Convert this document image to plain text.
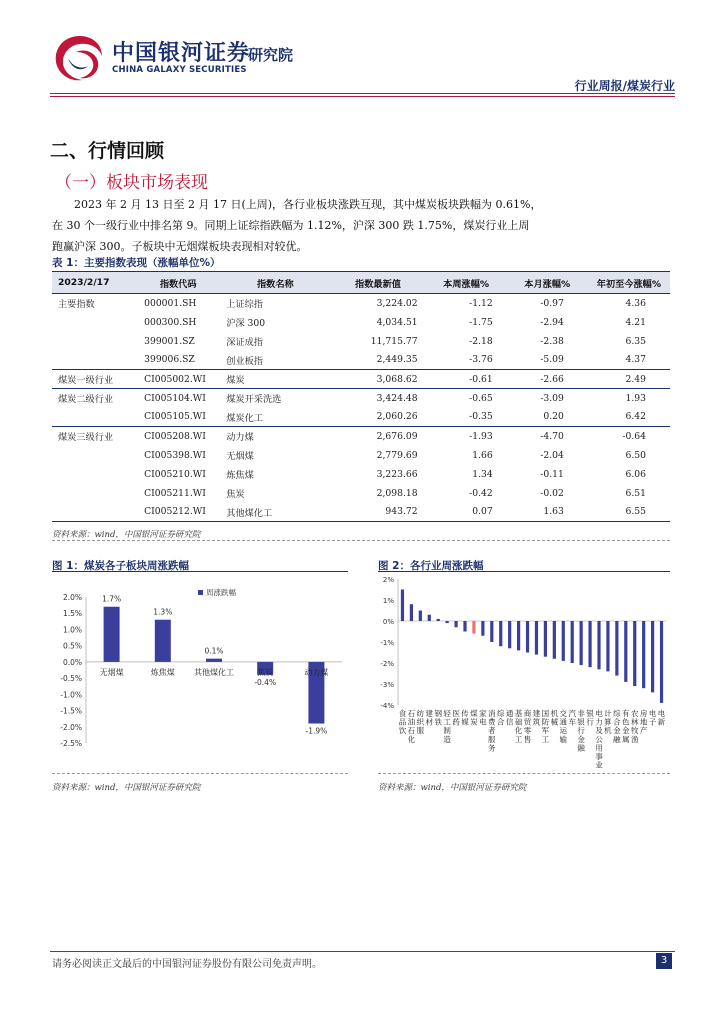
中国银河证券
研究院
CHINA GALAXY SECURITIES
行业周报/煤炭行业
二、行情回顾
（一）板块市场表现
2023 年 2 月 13 日至 2 月 17 日(上周)，各行业板块涨跌互现，其中煤炭板块跌幅为 0.61%，
在 30 个一级行业中排名第 9。同期上证综指跌幅为 1.12%，沪深 300 跌 1.75%，煤炭行业上周
跑赢沪深 300。子板块中无烟煤板块表现相对较优。
表 1：主要指数表现（涨幅单位%）
2023/2/17	指数代码	指数名称	指数最新值	本周涨幅%	本月涨幅%	年初至今涨幅%
主要指数	000001.SH	上证综指	3,224.02	-1.12	-0.97	4.36
	000300.SH	沪深 300	4,034.51	-1.75	-2.94	4.21
	399001.SZ	深证成指	11,715.77	-2.18	-2.38	6.35
	399006.SZ	创业板指	2,449.35	-3.76	-5.09	4.37
煤炭一级行业	CI005002.WI	煤炭	3,068.62	-0.61	-2.66	2.49
煤炭二级行业	CI005104.WI	煤炭开采洗选	3,424.48	-0.65	-3.09	1.93
	CI005105.WI	煤炭化工	2,060.26	-0.35	0.20	6.42
煤炭三级行业	CI005208.WI	动力煤	2,676.09	-1.93	-4.70	-0.64
	CI005398.WI	无烟煤	2,779.69	1.66	-2.04	6.50
	CI005210.WI	炼焦煤	3,223.66	1.34	-0.11	6.06
	CI005211.WI	焦炭	2,098.18	-0.42	-0.02	6.51
	CI005212.WI	其他煤化工	943.72	0.07	1.63	6.55
资料来源：wind，中国银河证券研究院
图 1：煤炭各子板块周涨跌幅
2.0%
1.5%
1.0%
0.5%
0.0%
-0.5%
-1.0%
-1.5%
-2.0%
-2.5%
1.7%
无烟煤
1.3%
炼焦煤
0.1%
其他煤化工
-0.4%
焦炭
-1.9%
动力煤
周涨跌幅
资料来源：wind，中国银河证券研究院
图 2：各行业周涨跌幅
2%
1%
0%
-1%
-2%
-3%
-4%
食品饮
石油石化
纺织服
建材
钢铁
轻工制造
医药
传媒
煤炭
家电
消费者服务
综合
通信
基础化工
商贸零售
建筑
国防军工
机械
交通运输
汽车
非银行金融
银行
电力及公用事业
计算机
综合金融
有色金属
农林牧渔
房地产
电子
电新
资料来源：wind，中国银河证券研究院
请务必阅读正文最后的中国银河证券股份有限公司免责声明。	3
